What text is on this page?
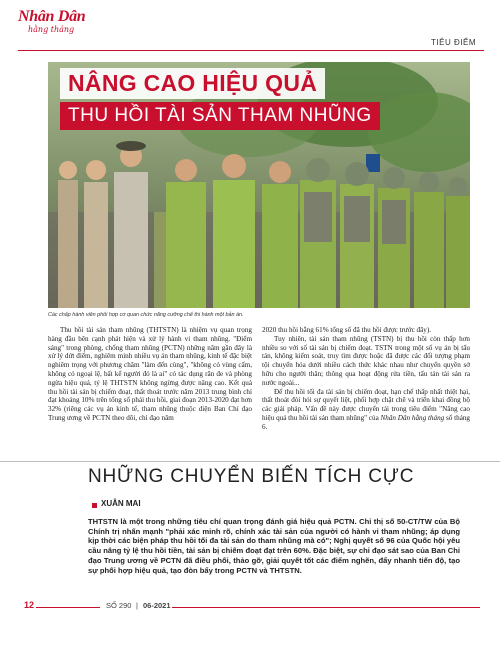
Nhân Dân
hằng tháng
TIÊU ĐIỂM
NÂNG CAO HIỆU QUẢ
THU HỒI TÀI SẢN THAM NHŨNG
Các chấp hành viên phối hợp cơ quan chức năng cưỡng chế thi hành một bản án.

Thu hồi tài sản tham nhũng (THTSTN) là nhiệm vụ quan trọng hàng đầu bên cạnh phát hiện và xử lý hành vi tham nhũng. "Điểm sáng" trong phòng, chống tham nhũng (PCTN) những năm gần đây là xử lý dứt điểm, nghiêm minh nhiều vụ án tham nhũng, kinh tế đặc biệt nghiêm trọng với phương châm "làm đến cùng", "không có vùng cấm, không có ngoại lệ, bất kể người đó là ai" có tác dụng răn đe và phòng ngừa hiệu quả, tỷ lệ THTSTN không ngừng được nâng cao. Kết quả thu hồi tài sản bị chiếm đoạt, thất thoát trước năm 2013 trung bình chỉ đạt khoảng 10% trên tổng số phải thu hồi, giai đoạn 2013-2020 đạt hơn 32% (riêng các vụ án kinh tế, tham nhũng thuộc diện Ban Chỉ đạo Trung ương về PCTN theo dõi, chỉ đạo năm

2020 thu hồi bằng 61% tổng số đã thu hồi được trước đây).

Tuy nhiên, tài sản tham nhũng (TSTN) bị thu hồi còn thấp hơn nhiều so với số tài sản bị chiếm đoạt. TSTN trong một số vụ án bị tẩu tán, không kiểm soát, truy tìm được hoặc đã được các đối tượng phạm tội chuyển hóa dưới nhiều cách thức khác nhau như chuyển quyền sở hữu cho người thân; thông qua hoạt động rửa tiền, tẩu tán tài sản ra nước ngoài...

Để thu hồi tối đa tài sản bị chiếm đoạt, hạn chế thấp nhất thiệt hại, thất thoát đòi hỏi sự quyết liệt, phối hợp chặt chẽ và triển khai đồng bộ các giải pháp. Vấn đề này được chuyển tải trong tiêu điểm "Nâng cao hiệu quả thu hồi tài sản tham nhũng" của Nhân Dân hằng tháng số tháng 6.

NHỮNG CHUYỂN BIẾN TÍCH CỰC
XUÂN MAI
THTSTN là một trong những tiêu chí quan trọng đánh giá hiệu quả PCTN. Chỉ thị số 50-CT/TW của Bộ Chính trị nhấn mạnh "phải xác minh rõ, chính xác tài sản của người có hành vi tham nhũng; áp dụng kịp thời các biện pháp thu hồi tối đa tài sản do tham nhũng mà có"; Nghị quyết số 96 của Quốc hội yêu cầu nâng tỷ lệ thu hồi tiền, tài sản bị chiếm đoạt đạt trên 60%. Đặc biệt, sự chỉ đạo sát sao của Ban Chỉ đạo Trung ương về PCTN đã điều phối, thảo gỡ, giải quyết tốt các điểm nghẽn, đẩy nhanh tiến độ, tạo sự phối hợp hiệu quả, tạo đòn bẩy trong PCTN và THTSTN.
12	SỐ 290 | 06-2021
